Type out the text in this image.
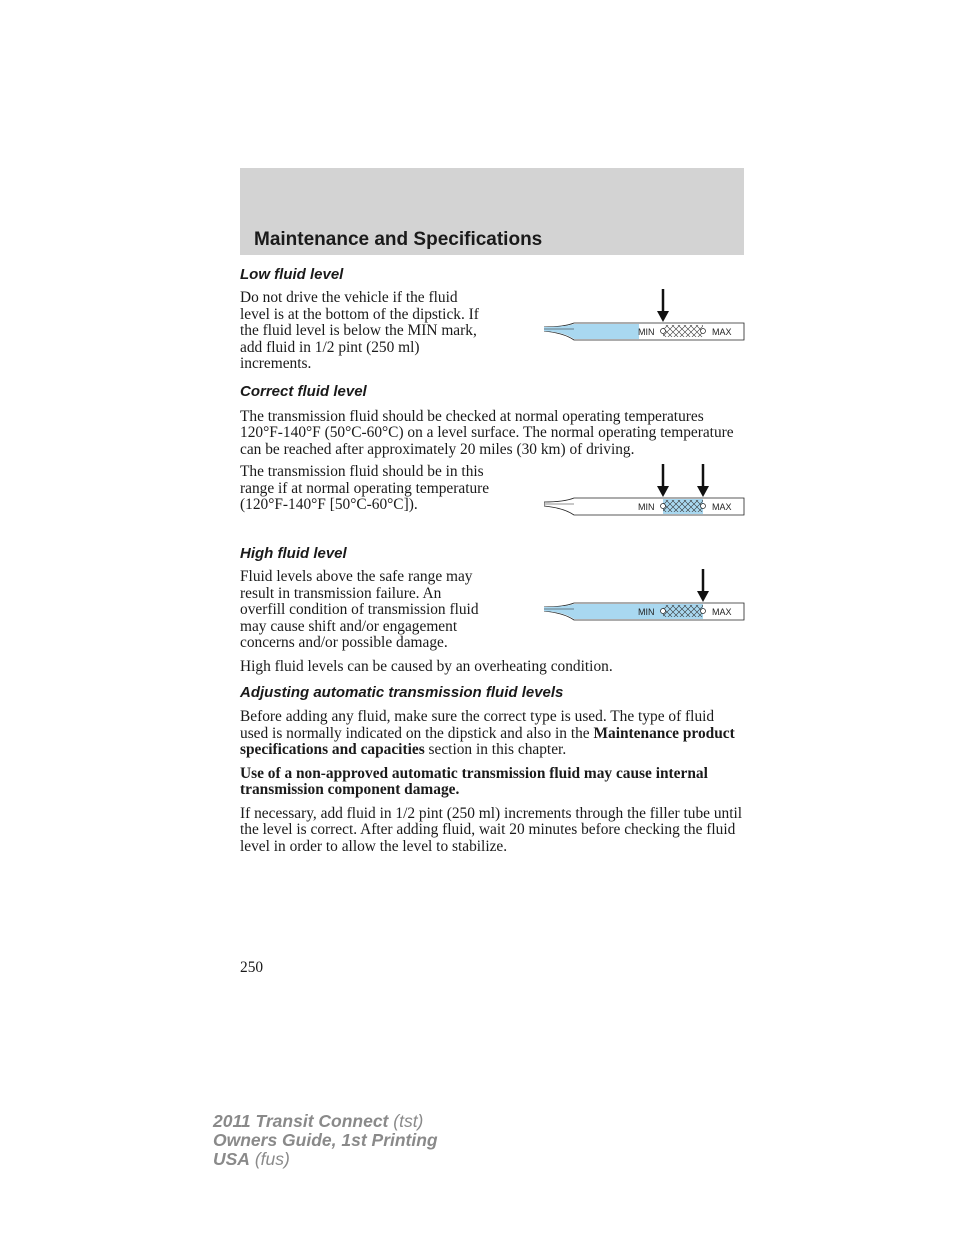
Maintenance and Specifications
Low fluid level

Do not drive the vehicle if the fluid level is at the bottom of the dipstick. If the fluid level is below the MIN mark, add fluid in 1/2 pint (250 ml) increments.

MIN	MAX
Correct fluid level

The transmission fluid should be checked at normal operating temperatures 120°F-140°F (50°C-60°C) on a level surface. The normal operating temperature can be reached after approximately 20 miles (30 km) of driving.

The transmission fluid should be in this range if at normal operating temperature (120°F-140°F [50°C-60°C]).	MIN	MAX
High fluid level

Fluid levels above the safe range may result in transmission failure. An overfill condition of transmission fluid may cause shift and/or engagement concerns and/or possible damage.

MIN	MAX

High fluid levels can be caused by an overheating condition.

Adjusting automatic transmission fluid levels

Before adding any fluid, make sure the correct type is used. The type of fluid used is normally indicated on the dipstick and also in the Maintenance product specifications and capacities section in this chapter.

Use of a non-approved automatic transmission fluid may cause internal transmission component damage.

If necessary, add fluid in 1/2 pint (250 ml) increments through the filler tube until the level is correct. After adding fluid, wait 20 minutes before checking the fluid level in order to allow the level to stabilize.

250
2011 Transit Connect (tst)
Owners Guide, 1st Printing
USA (fus)
